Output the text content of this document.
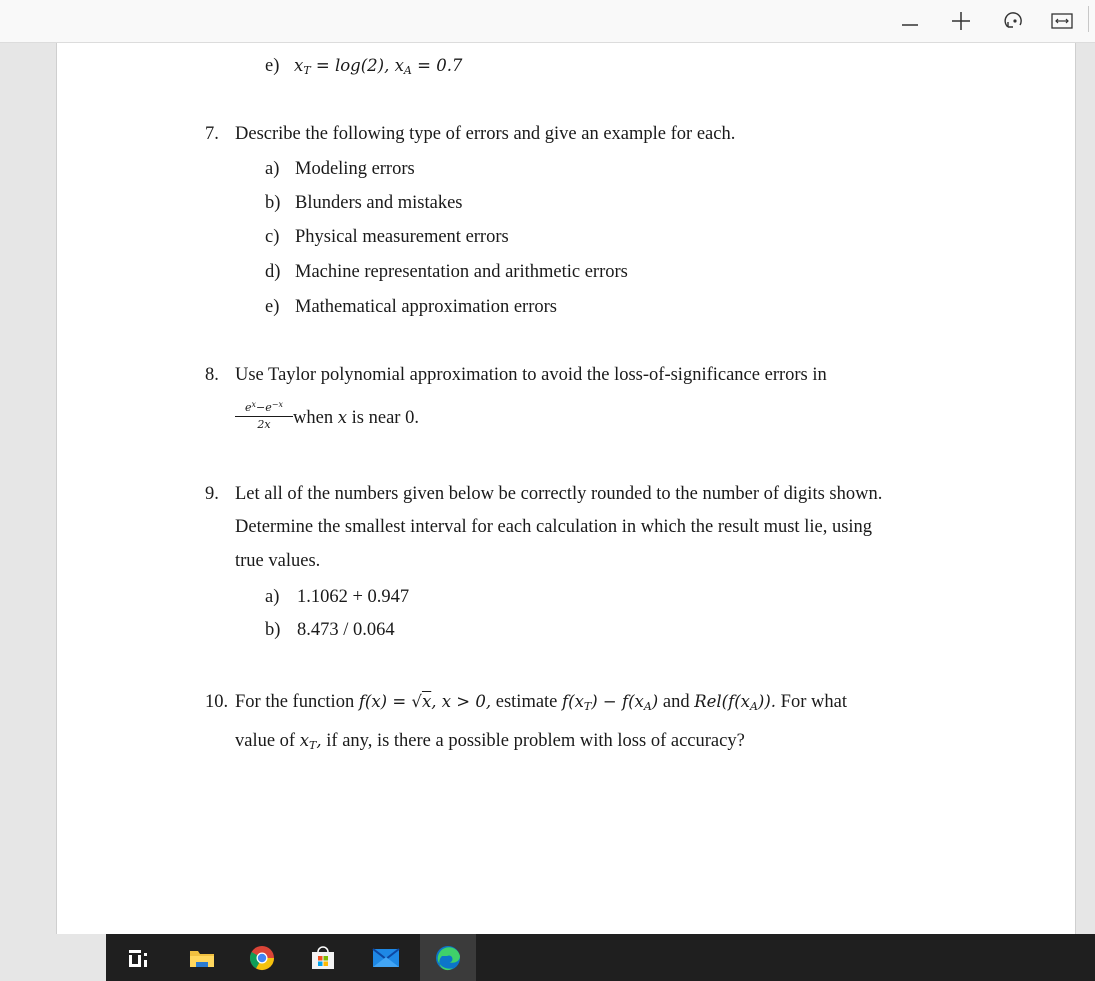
e) $x_T = \log(2)$, $x_A = 0.7$
7. Describe the following type of errors and give an example for each.
a) Modeling errors
b) Blunders and mistakes
c) Physical measurement errors
d) Machine representation and arithmetic errors
e) Mathematical approximation errors
8. Use Taylor polynomial approximation to avoid the loss-of-significance errors in
$\frac{e^x-e^{-x}}{2x}$ when x is near 0.
9. Let all of the numbers given below be correctly rounded to the number of digits shown.
Determine the smallest interval for each calculation in which the result must lie, using
true values.
a) 1.1062 + 0.947
b) 8.473 / 0.064
10. For the function f(x) = √x, x > 0, estimate $f(x_T) - f(x_A)$ and $Rel(f(x_A))$. For what
value of $x_T$, if any, is there a possible problem with loss of accuracy?
